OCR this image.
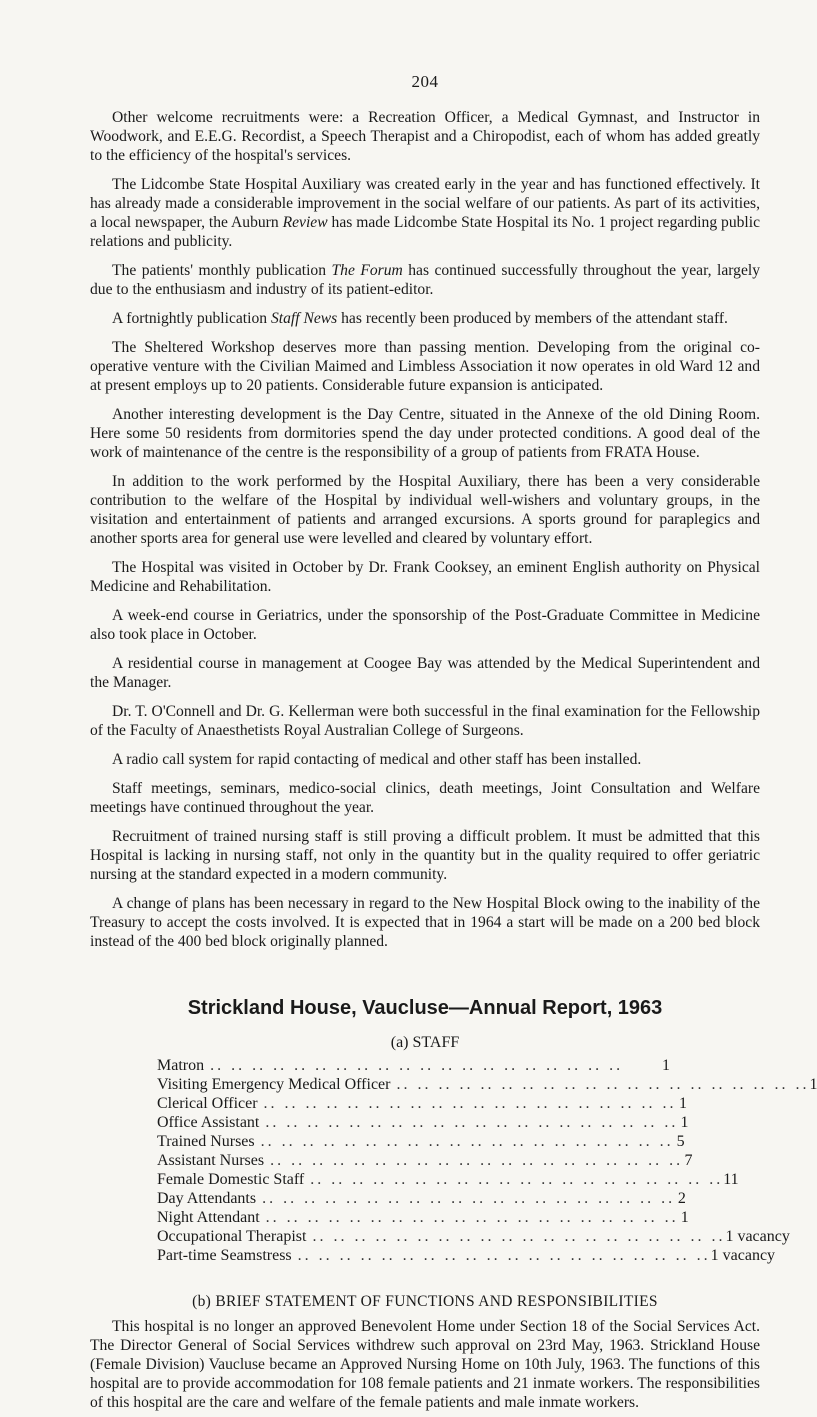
204

Other welcome recruitments were: a Recreation Officer, a Medical Gymnast, and Instructor in Woodwork, and E.E.G. Recordist, a Speech Therapist and a Chiropodist, each of whom has added greatly to the efficiency of the hospital's services.

The Lidcombe State Hospital Auxiliary was created early in the year and has functioned effectively. It has already made a considerable improvement in the social welfare of our patients. As part of its activities, a local newspaper, the Auburn Review has made Lidcombe State Hospital its No. 1 project regarding public relations and publicity.

The patients' monthly publication The Forum has continued successfully throughout the year, largely due to the enthusiasm and industry of its patient-editor.

A fortnightly publication Staff News has recently been produced by members of the attendant staff.

The Sheltered Workshop deserves more than passing mention. Developing from the original co-operative venture with the Civilian Maimed and Limbless Association it now operates in old Ward 12 and at present employs up to 20 patients. Considerable future expansion is anticipated.

Another interesting development is the Day Centre, situated in the Annexe of the old Dining Room. Here some 50 residents from dormitories spend the day under protected conditions. A good deal of the work of maintenance of the centre is the responsibility of a group of patients from FRATA House.

In addition to the work performed by the Hospital Auxiliary, there has been a very considerable contribution to the welfare of the Hospital by individual well-wishers and voluntary groups, in the visitation and entertainment of patients and arranged excursions. A sports ground for paraplegics and another sports area for general use were levelled and cleared by voluntary effort.

The Hospital was visited in October by Dr. Frank Cooksey, an eminent English authority on Physical Medicine and Rehabilitation.

A week-end course in Geriatrics, under the sponsorship of the Post-Graduate Committee in Medicine also took place in October.

A residential course in management at Coogee Bay was attended by the Medical Superintendent and the Manager.

Dr. T. O'Connell and Dr. G. Kellerman were both successful in the final examination for the Fellowship of the Faculty of Anaesthetists Royal Australian College of Surgeons.

A radio call system for rapid contacting of medical and other staff has been installed.

Staff meetings, seminars, medico-social clinics, death meetings, Joint Consultation and Welfare meetings have continued throughout the year.

Recruitment of trained nursing staff is still proving a difficult problem. It must be admitted that this Hospital is lacking in nursing staff, not only in the quantity but in the quality required to offer geriatric nursing at the standard expected in a modern community.

A change of plans has been necessary in regard to the New Hospital Block owing to the inability of the Treasury to accept the costs involved. It is expected that in 1964 a start will be made on a 200 bed block instead of the 400 bed block originally planned.

Strickland House, Vaucluse—Annual Report, 1963
(a) STAFF
Matron .. .. .. .. .. .. .. .. .. .. .. .. .. .. .. .. .. .. .. ..	1
Visiting Emergency Medical Officer .. .. .. .. .. .. .. .. .. .. .. .. .. .. .. .. .. .. .. .. 1
Clerical Officer .. .. .. .. .. .. .. .. .. .. .. .. .. .. .. .. .. .. .. .. 1
Office Assistant .. .. .. .. .. .. .. .. .. .. .. .. .. .. .. .. .. .. .. .. 1
Trained Nurses .. .. .. .. .. .. .. .. .. .. .. .. .. .. .. .. .. .. .. .. 5
Assistant Nurses .. .. .. .. .. .. .. .. .. .. .. .. .. .. .. .. .. .. .. .. 7
Female Domestic Staff .. .. .. .. .. .. .. .. .. .. .. .. .. .. .. .. .. .. .. .. 11
Day Attendants .. .. .. .. .. .. .. .. .. .. .. .. .. .. .. .. .. .. .. .. 2
Night Attendant .. .. .. .. .. .. .. .. .. .. .. .. .. .. .. .. .. .. .. .. 1
Occupational Therapist .. .. .. .. .. .. .. .. .. .. .. .. .. .. .. .. .. .. .. .. 1 vacancy
Part-time Seamstress .. .. .. .. .. .. .. .. .. .. .. .. .. .. .. .. .. .. .. .. 1 vacancy
(b) BRIEF STATEMENT OF FUNCTIONS AND RESPONSIBILITIES

This hospital is no longer an approved Benevolent Home under Section 18 of the Social Services Act. The Director General of Social Services withdrew such approval on 23rd May, 1963. Strickland House (Female Division) Vaucluse became an Approved Nursing Home on 10th July, 1963. The functions of this hospital are to provide accommodation for 108 female patients and 21 inmate workers. The responsibilities of this hospital are the care and welfare of the female patients and male inmate workers.
